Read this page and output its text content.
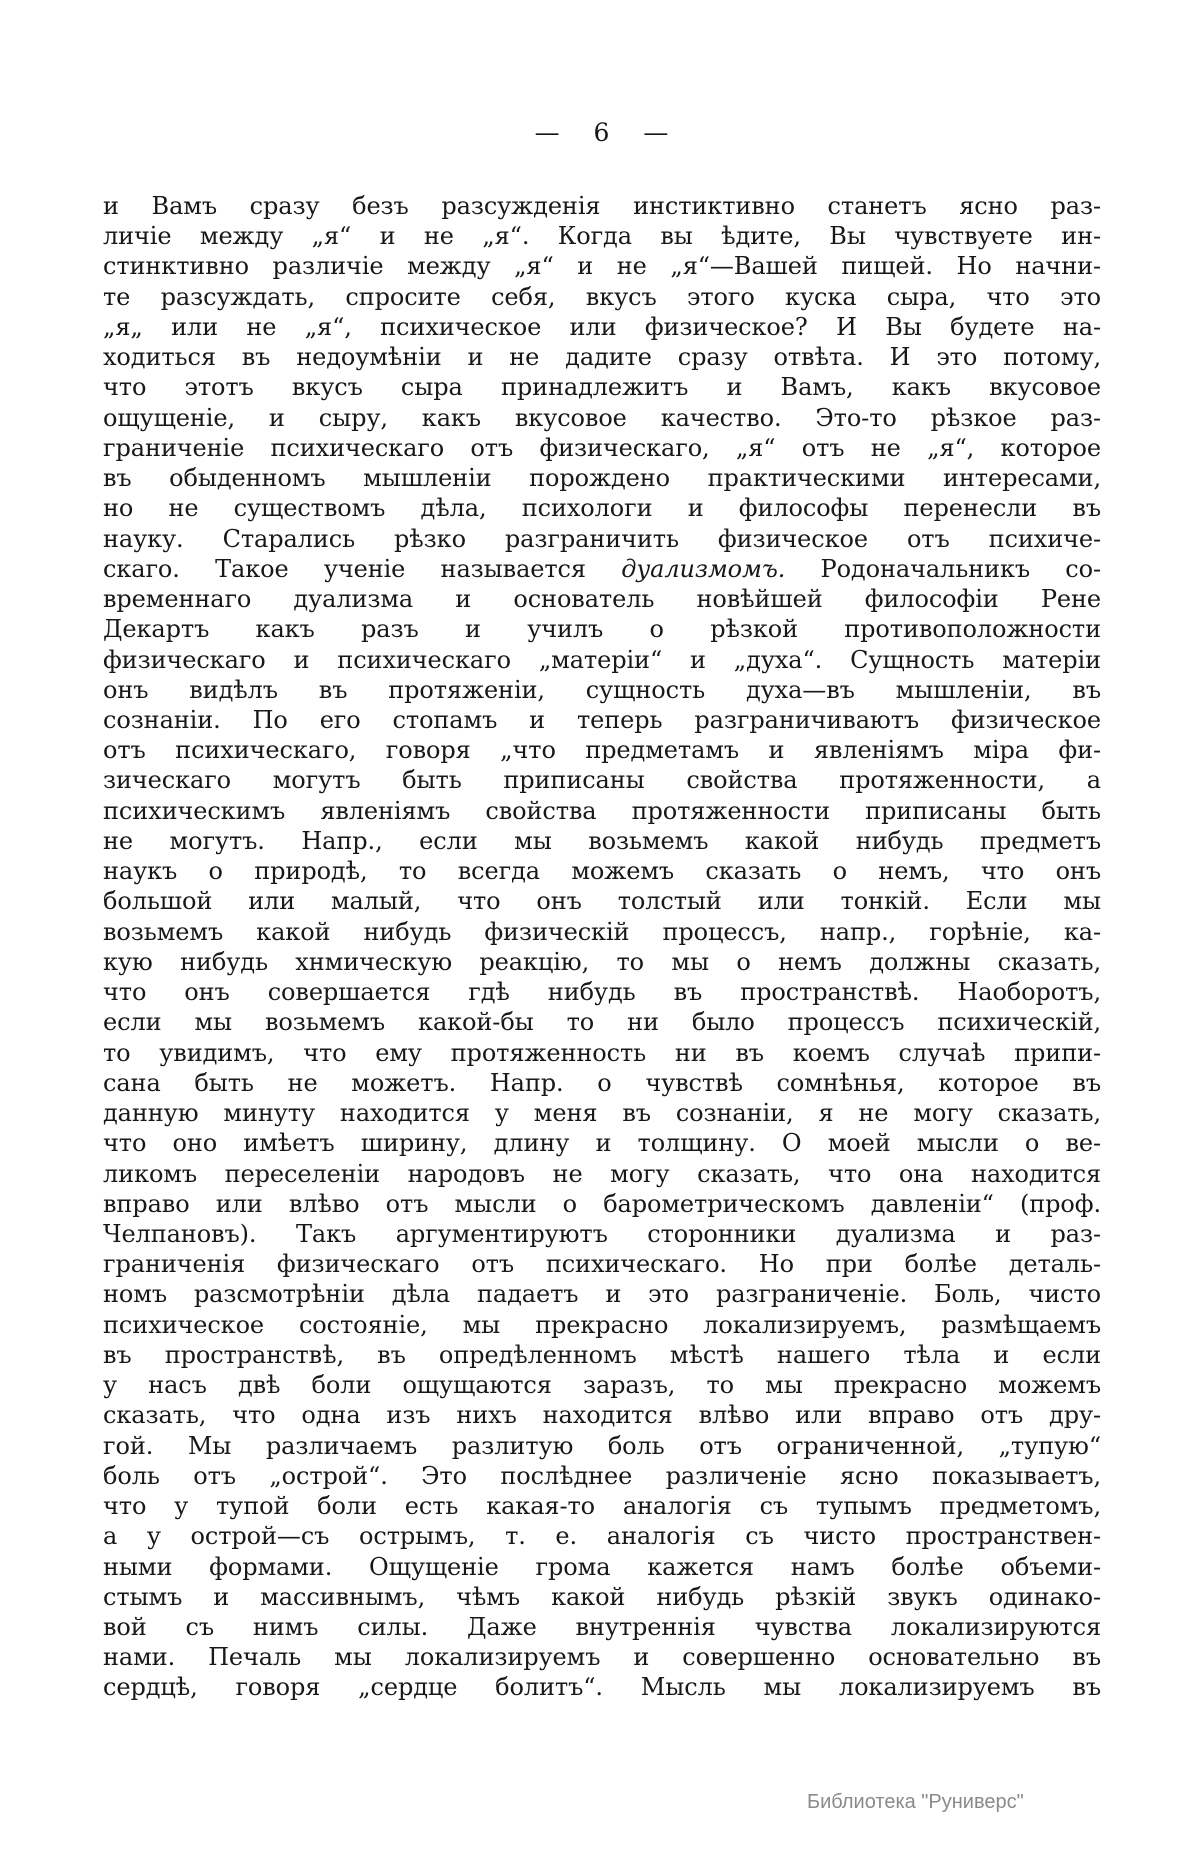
— 6 —
и Вамъ сразу безъ разсужденія инстиктивно станетъ ясно раз-
личіе между „я“ и не „я“. Когда вы ѣдите, Вы чувствуете ин-
стинктивно различіе между „я“ и не „я“—Вашей пищей. Но начни-
те разсуждать, спросите себя, вкусъ этого куска сыра, что это
„я„ или не „я“, психическое или физическое? И Вы будете на-
ходиться въ недоумѣніи и не дадите сразу отвѣта. И это потому,
что этотъ вкусъ сыра принадлежитъ и Вамъ, какъ вкусовое
ощущеніе, и сыру, какъ вкусовое качество. Это-то рѣзкое раз-
граниченіе психическаго отъ физическаго, „я“ отъ не „я“, которое
въ обыденномъ мышленіи порождено практическими интересами,
но не существомъ дѣла, психологи и философы перенесли въ
науку. Старались рѣзко разграничить физическое отъ психиче-
скаго. Такое ученіе называется дуализмомъ. Родоначальникъ со-
временнаго дуализма и основатель новѣйшей философіи Рене
Декартъ какъ разъ и училъ о рѣзкой противоположности
физическаго и психическаго „матеріи“ и „духа“. Сущность матеріи
онъ видѣлъ въ протяженіи, сущность духа—въ мышленіи, въ
сознаніи. По его стопамъ и теперь разграничиваютъ физическое
отъ психическаго, говоря „что предметамъ и явленіямъ міра фи-
зическаго могутъ быть приписаны свойства протяженности, а
психическимъ явленіямъ свойства протяженности приписаны быть
не могутъ. Напр., если мы возьмемъ какой нибудь предметъ
наукъ о природѣ, то всегда можемъ сказать о немъ, что онъ
большой или малый, что онъ толстый или тонкій. Если мы
возьмемъ какой нибудь физическій процессъ, напр., горѣніе, ка-
кую нибудь хнмическую реакцію, то мы о немъ должны сказать,
что онъ совершается гдѣ нибудь въ пространствѣ. Наоборотъ,
если мы возьмемъ какой-бы то ни было процессъ психическій,
то увидимъ, что ему протяженность ни въ коемъ случаѣ припи-
сана быть не можетъ. Напр. о чувствѣ сомнѣнья, которое въ
данную минуту находится у меня въ сознаніи, я не могу сказать,
что оно имѣетъ ширину, длину и толщину. О моей мысли о ве-
ликомъ переселеніи народовъ не могу сказать, что она находится
вправо или влѣво отъ мысли о барометрическомъ давленіи“ (проф.
Челпановъ). Такъ аргументируютъ сторонники дуализма и раз-
граниченія физическаго отъ психическаго. Но при болѣе деталь-
номъ разсмотрѣніи дѣла падаетъ и это разграниченіе. Боль, чисто
психическое состояніе, мы прекрасно локализируемъ, размѣщаемъ
въ пространствѣ, въ опредѣленномъ мѣстѣ нашего тѣла и если
у насъ двѣ боли ощущаются заразъ, то мы прекрасно можемъ
сказать, что одна изъ нихъ находится влѣво или вправо отъ дру-
гой. Мы различаемъ разлитую боль отъ ограниченной, „тупую“
боль отъ „острой“. Это послѣднее различеніе ясно показываетъ,
что у тупой боли есть какая-то аналогія съ тупымъ предметомъ,
а у острой—съ острымъ, т. е. аналогія съ чисто пространствен-
ными формами. Ощущеніе грома кажется намъ болѣе объеми-
стымъ и массивнымъ, чѣмъ какой нибудь рѣзкій звукъ одинако-
вой съ нимъ силы. Даже внутреннія чувства локализируются
нами. Печаль мы локализируемъ и совершенно основательно въ
сердцѣ, говоря „сердце болитъ“. Мысль мы локализируемъ въ
Библиотека "Руниверс"
